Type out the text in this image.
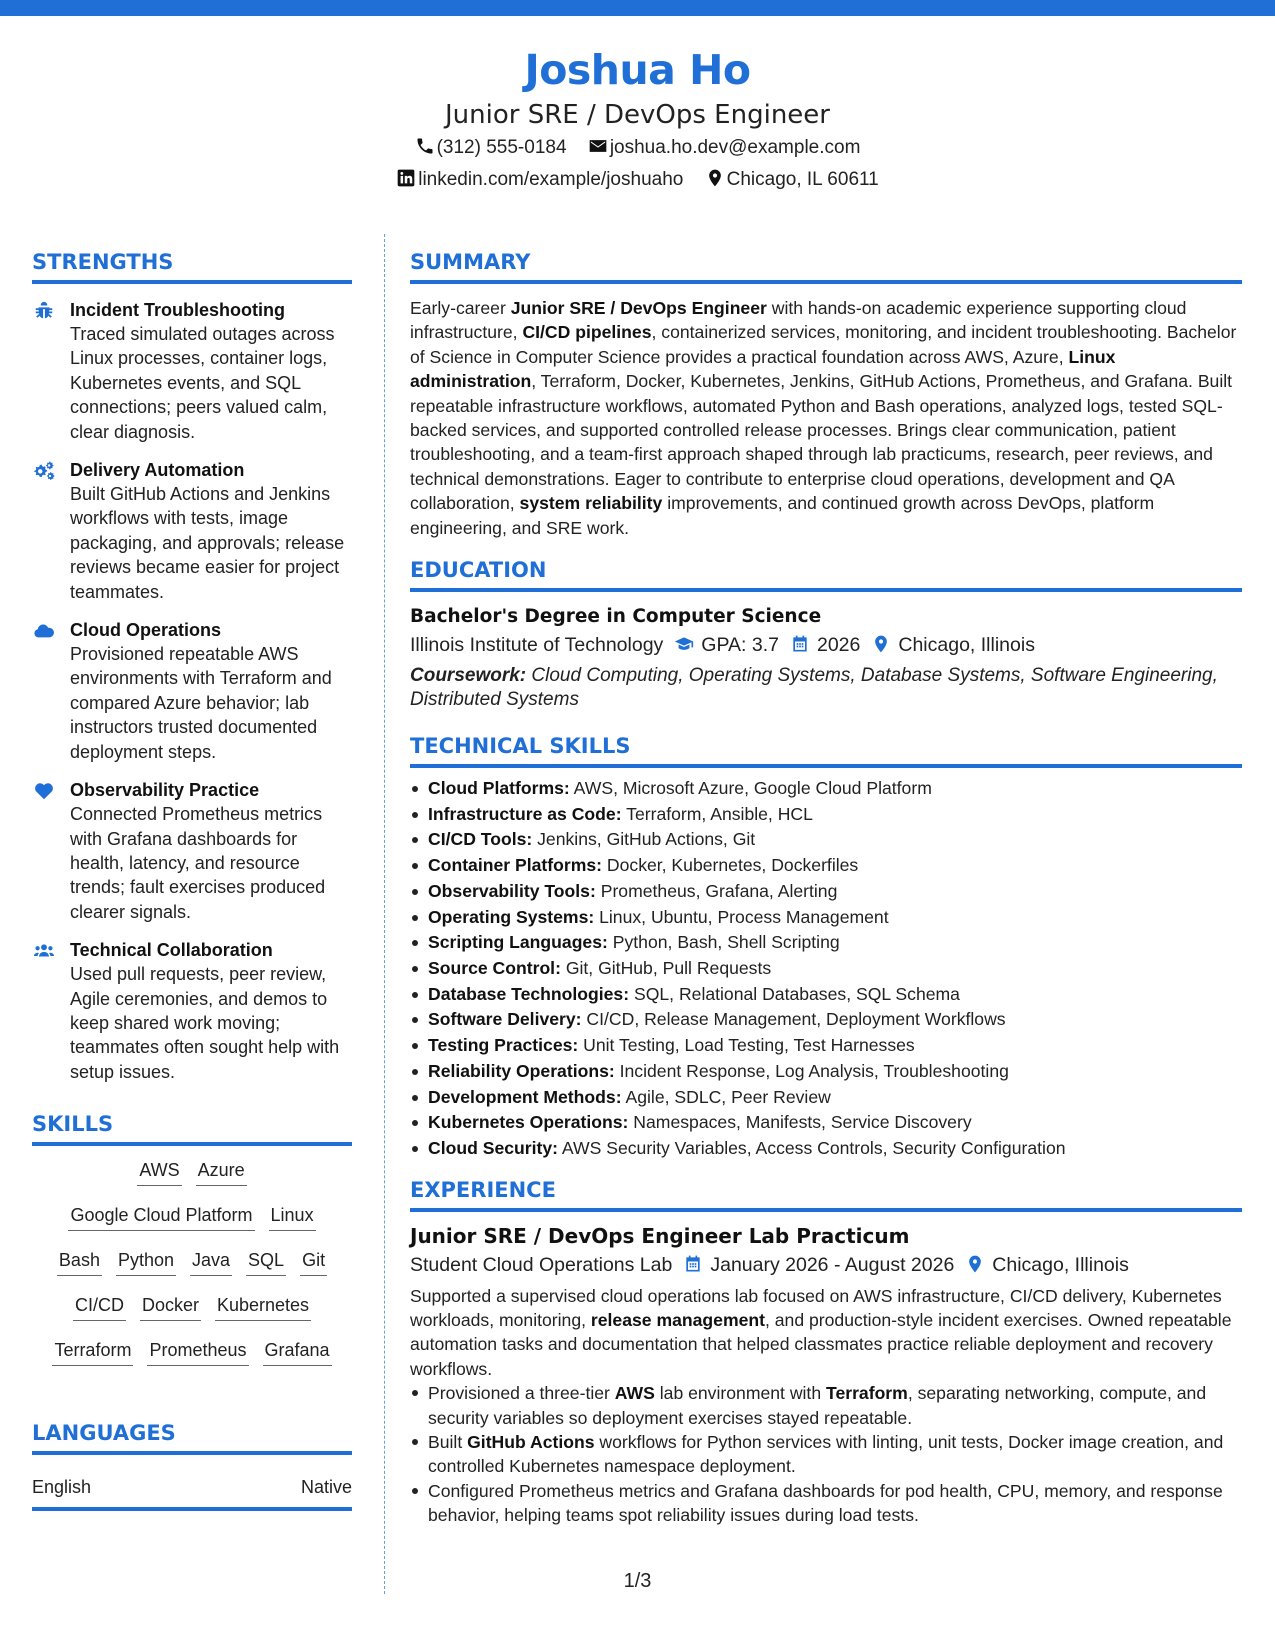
Joshua Ho
Junior SRE / DevOps Engineer
(312) 555-0184 joshua.ho.dev@example.com
linkedin.com/example/joshuaho Chicago, IL 60611
STRENGTHS
Incident Troubleshooting
Traced simulated outages across Linux processes, container logs, Kubernetes events, and SQL connections; peers valued calm, clear diagnosis.
Delivery Automation
Built GitHub Actions and Jenkins workflows with tests, image packaging, and approvals; release reviews became easier for project teammates.
Cloud Operations
Provisioned repeatable AWS environments with Terraform and compared Azure behavior; lab instructors trusted documented deployment steps.
Observability Practice
Connected Prometheus metrics with Grafana dashboards for health, latency, and resource trends; fault exercises produced clearer signals.
Technical Collaboration
Used pull requests, peer review, Agile ceremonies, and demos to keep shared work moving; teammates often sought help with setup issues.
SKILLS
AWS Azure
Google Cloud Platform Linux
Bash Python Java SQL Git
CI/CD Docker Kubernetes
Terraform Prometheus Grafana
LANGUAGES
English	Native
SUMMARY
Early-career Junior SRE / DevOps Engineer with hands-on academic experience supporting cloud infrastructure, CI/CD pipelines, containerized services, monitoring, and incident troubleshooting. Bachelor of Science in Computer Science provides a practical foundation across AWS, Azure, Linux administration, Terraform, Docker, Kubernetes, Jenkins, GitHub Actions, Prometheus, and Grafana. Built repeatable infrastructure workflows, automated Python and Bash operations, analyzed logs, tested SQL-backed services, and supported controlled release processes. Brings clear communication, patient troubleshooting, and a team-first approach shaped through lab practicums, research, peer reviews, and technical demonstrations. Eager to contribute to enterprise cloud operations, development and QA collaboration, system reliability improvements, and continued growth across DevOps, platform engineering, and SRE work.
EDUCATION
Bachelor's Degree in Computer Science
Illinois Institute of Technology GPA: 3.7 2026 Chicago, Illinois
Coursework: Cloud Computing, Operating Systems, Database Systems, Software Engineering, Distributed Systems
TECHNICAL SKILLS
Cloud Platforms: AWS, Microsoft Azure, Google Cloud Platform
Infrastructure as Code: Terraform, Ansible, HCL
CI/CD Tools: Jenkins, GitHub Actions, Git
Container Platforms: Docker, Kubernetes, Dockerfiles
Observability Tools: Prometheus, Grafana, Alerting
Operating Systems: Linux, Ubuntu, Process Management
Scripting Languages: Python, Bash, Shell Scripting
Source Control: Git, GitHub, Pull Requests
Database Technologies: SQL, Relational Databases, SQL Schema
Software Delivery: CI/CD, Release Management, Deployment Workflows
Testing Practices: Unit Testing, Load Testing, Test Harnesses
Reliability Operations: Incident Response, Log Analysis, Troubleshooting
Development Methods: Agile, SDLC, Peer Review
Kubernetes Operations: Namespaces, Manifests, Service Discovery
Cloud Security: AWS Security Variables, Access Controls, Security Configuration
EXPERIENCE
Junior SRE / DevOps Engineer Lab Practicum
Student Cloud Operations Lab January 2026 - August 2026 Chicago, Illinois
Supported a supervised cloud operations lab focused on AWS infrastructure, CI/CD delivery, Kubernetes workloads, monitoring, release management, and production-style incident exercises. Owned repeatable automation tasks and documentation that helped classmates practice reliable deployment and recovery workflows.
Provisioned a three-tier AWS lab environment with Terraform, separating networking, compute, and security variables so deployment exercises stayed repeatable.
Built GitHub Actions workflows for Python services with linting, unit tests, Docker image creation, and controlled Kubernetes namespace deployment.
Configured Prometheus metrics and Grafana dashboards for pod health, CPU, memory, and response behavior, helping teams spot reliability issues during load tests.
1/3
